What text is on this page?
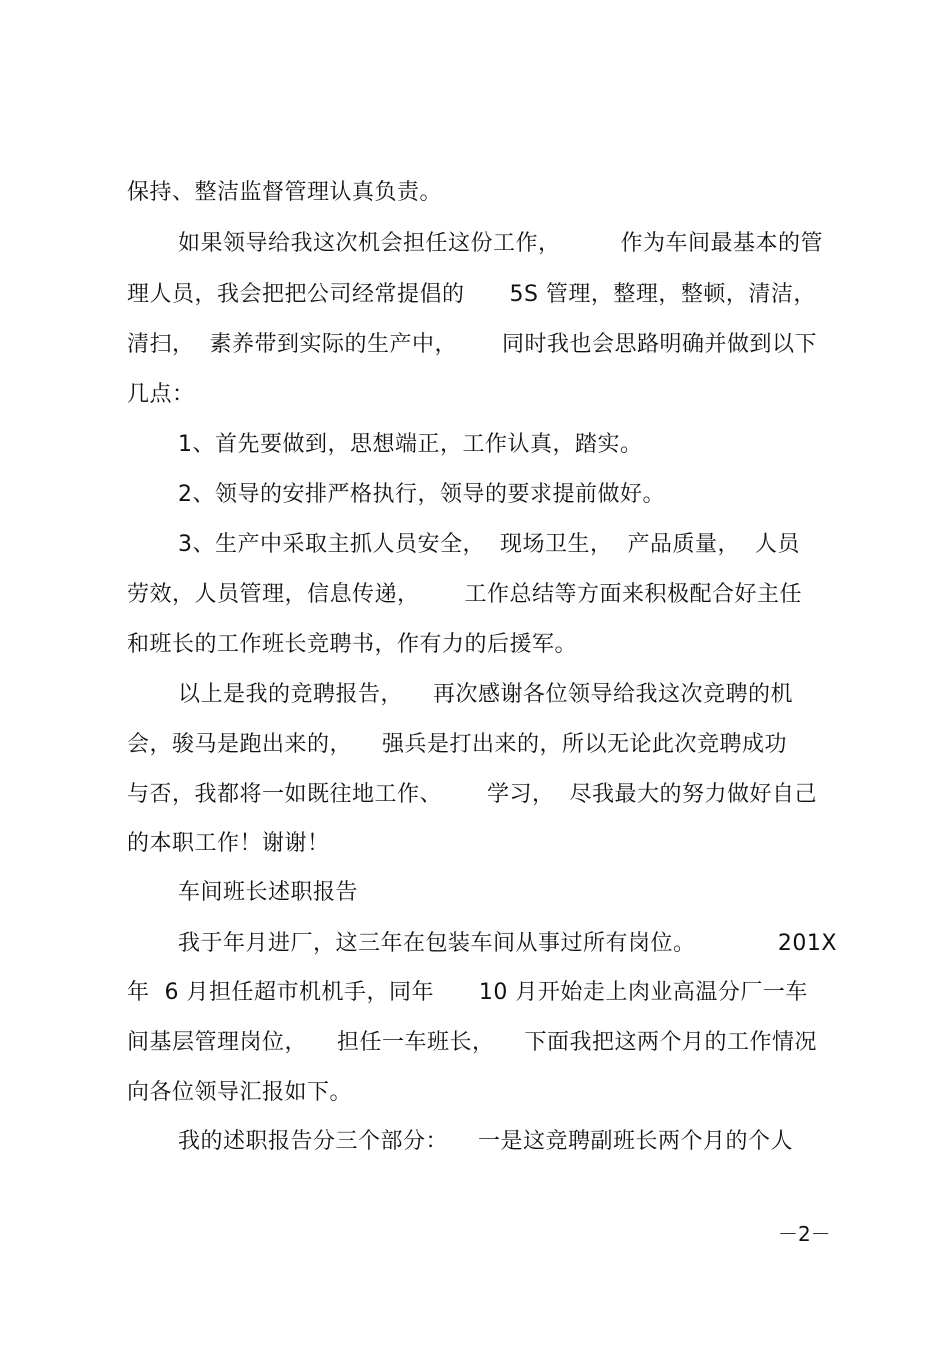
保持、整洁监督管理认真负责。
如果领导给我这次机会担任这份工作，        作为车间最基本的管
理人员，我会把把公司经常提倡的      5S 管理，整理，整顿，清洁，
清扫，  素养带到实际的生产中，      同时我也会思路明确并做到以下
几点：
1、首先要做到，思想端正，工作认真，踏实。
2、领导的安排严格执行，领导的要求提前做好。
3、生产中采取主抓人员安全，  现场卫生，  产品质量，  人员
劳效，人员管理，信息传递，      工作总结等方面来积极配合好主任
和班长的工作班长竞聘书，作有力的后援军。
以上是我的竞聘报告，    再次感谢各位领导给我这次竞聘的机
会，骏马是跑出来的，    强兵是打出来的，所以无论此次竞聘成功
与否，我都将一如既往地工作、      学习，  尽我最大的努力做好自己
的本职工作！谢谢！
车间班长述职报告
我于年月进厂，这三年在包装车间从事过所有岗位。           201X
年  6 月担任超市机机手，同年      10 月开始走上肉业高温分厂一车
间基层管理岗位，    担任一车班长，    下面我把这两个月的工作情况
向各位领导汇报如下。
我的述职报告分三个部分：    一是这竞聘副班长两个月的个人
－2－
